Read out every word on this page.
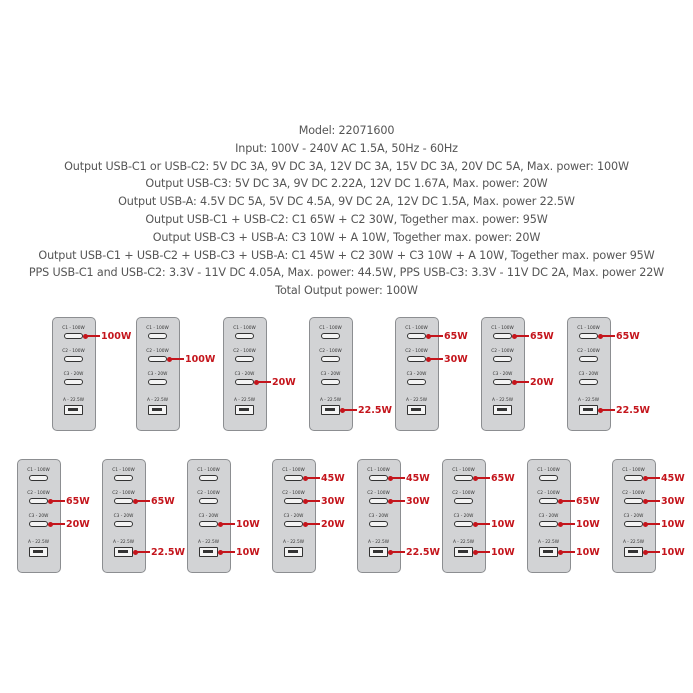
Model: 22071600
Input: 100V - 240V AC 1.5A, 50Hz - 60Hz
Output USB-C1 or USB-C2: 5V DC 3A, 9V DC 3A, 12V DC 3A, 15V DC 3A, 20V DC 5A, Max. power: 100W
Output USB-C3: 5V DC 3A, 9V DC 2.22A, 12V DC 1.67A, Max. power: 20W
Output USB-A: 4.5V DC 5A, 5V DC 4.5A, 9V DC 2A, 12V DC 1.5A, Max. power 22.5W
Output USB-C1 + USB-C2: C1 65W + C2 30W, Together max. power: 95W
Output USB-C3 + USB-A: C3 10W + A 10W, Together max. power: 20W
Output USB-C1 + USB-C2 + USB-C3 + USB-A: C1 45W + C2 30W + C3 10W + A 10W, Together max. power 95W
PPS USB-C1 and USB-C2: 3.3V - 11V DC 4.05A, Max. power: 44.5W, PPS USB-C3: 3.3V - 11V DC 2A, Max. power 22W
Total Output power: 100W
C1 - 100W
100W
C2 - 100W
C3 - 20W
A - 22.5W
C1 - 100W
C2 - 100W
100W
C3 - 20W
A - 22.5W
C1 - 100W
C2 - 100W
C3 - 20W
20W
A - 22.5W
C1 - 100W
C2 - 100W
C3 - 20W
A - 22.5W
22.5W
C1 - 100W
65W
C2 - 100W
30W
C3 - 20W
A - 22.5W
C1 - 100W
65W
C2 - 100W
C3 - 20W
20W
A - 22.5W
C1 - 100W
65W
C2 - 100W
C3 - 20W
A - 22.5W
22.5W
C1 - 100W
C2 - 100W
65W
C3 - 20W
20W
A - 22.5W
C1 - 100W
C2 - 100W
65W
C3 - 20W
A - 22.5W
22.5W
C1 - 100W
C2 - 100W
C3 - 20W
10W
A - 22.5W
10W
C1 - 100W
45W
C2 - 100W
30W
C3 - 20W
20W
A - 22.5W
C1 - 100W
45W
C2 - 100W
30W
C3 - 20W
A - 22.5W
22.5W
C1 - 100W
65W
C2 - 100W
C3 - 20W
10W
A - 22.5W
10W
C1 - 100W
C2 - 100W
65W
C3 - 20W
10W
A - 22.5W
10W
C1 - 100W
45W
C2 - 100W
30W
C3 - 20W
10W
A - 22.5W
10W
